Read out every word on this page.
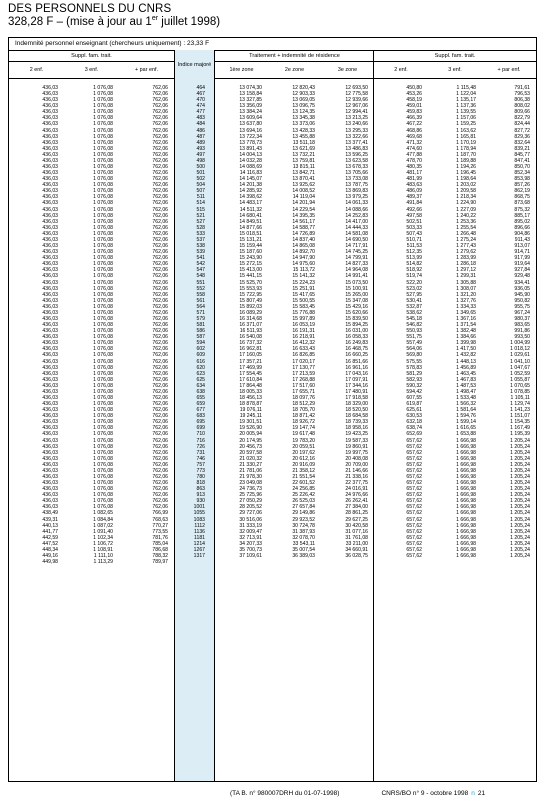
DES PERSONNELS DU CNRS
328,28 F – (mise à jour au 1er juillet 1998)
Indemnité personnel enseignant (chercheurs uniquement) : 23,33 F
Suppl. fam. trait.			Indice majoré	Traitement + indemnité de résidence			Suppl. fam. trait.		
2 enf.	3 enf.	+ par enf.		1ère zone	2e zone	3e zone	2 enf.	3 enf.	+ par enf.
436,03	1 076,08	762,06	464	13 074,30	12 820,43	12 693,50	450,80	1 115,48	791,61
436,03	1 076,08	762,06	467	13 158,84	12 903,33	12 775,58	453,26	1 122,04	796,53
436,03	1 076,08	762,06	470	13 327,85	13 069,05	12 939,66	458,19	1 135,17	806,38
436,03	1 076,08	762,06	474	13 356,09	13 096,75	12 967,06	459,01	1 137,36	808,02
436,03	1 076,08	762,06	477	13 384,24	13 124,35	12 994,41	459,83	1 139,55	809,66
436,03	1 076,08	762,06	483	13 609,64	13 345,38	13 213,25	466,39	1 157,06	822,79
436,03	1 076,08	762,06	484	13 637,80	13 373,06	13 240,66	467,22	1 159,25	824,44
436,03	1 076,08	762,06	486	13 694,16	13 428,33	13 295,33	468,86	1 163,62	827,72
436,03	1 076,08	762,06	487	13 722,34	13 455,88	13 322,66	469,68	1 165,81	829,36
436,03	1 076,08	762,06	489	13 778,73	13 511,18	13 377,41	471,32	1 170,19	832,64
436,03	1 076,08	762,06	493	13 891,43	13 621,69	13 486,83	474,60	1 178,94	839,21
436,03	1 076,08	762,06	497	14 004,13	13 732,21	13 596,25	477,88	1 187,70	845,77
436,03	1 076,08	762,06	498	14 032,28	13 759,81	13 623,58	478,70	1 189,88	847,41
436,03	1 076,08	762,06	500	14 088,69	13 815,11	13 678,33	480,35	1 194,26	850,70
436,03	1 076,08	762,06	501	14 116,83	13 842,71	13 705,66	481,17	1 196,45	852,34
436,03	1 076,08	762,06	502	14 145,07	13 870,41	13 733,08	481,99	1 198,64	853,98
436,03	1 076,08	762,06	504	14 201,38	13 925,62	13 787,75	483,63	1 203,02	857,26
436,03	1 076,08	762,06	507	14 285,92	14 008,52	13 869,83	486,09	1 209,58	862,19
436,03	1 076,08	762,06	511	14 398,62	14 119,04	13 979,25	489,37	1 218,34	868,75
436,03	1 076,08	762,06	514	14 483,17	14 201,94	14 061,33	491,84	1 224,90	873,68
436,03	1 076,08	762,06	515	14 511,32	14 229,54	14 088,66	492,66	1 227,09	875,32
436,03	1 076,08	762,06	521	14 680,41	14 395,35	14 252,83	497,58	1 240,22	885,17
436,03	1 076,08	762,06	527	14 849,51	14 561,17	14 417,00	502,51	1 253,36	895,02
436,03	1 076,08	762,06	528	14 877,66	14 588,77	14 444,33	503,33	1 255,54	896,66
436,03	1 076,08	762,06	533	15 018,51	14 726,89	14 581,08	507,43	1 266,48	904,86
436,03	1 076,08	762,06	537	15 131,21	14 837,40	14 690,50	510,71	1 275,24	911,43
436,03	1 076,08	762,06	538	15 159,44	14 865,08	14 717,91	511,53	1 277,43	913,07
436,03	1 076,08	762,06	539	15 187,60	14 892,70	14 745,25	512,35	1 279,62	914,71
436,03	1 076,08	762,06	541	15 243,90	14 947,90	14 799,91	513,99	1 283,99	917,99
436,03	1 076,08	762,06	542	15 272,15	14 975,60	14 827,33	514,82	1 286,18	919,64
436,03	1 076,08	762,06	547	15 413,00	15 113,72	14 964,08	518,92	1 297,12	927,84
436,03	1 076,08	762,06	548	15 441,15	15 141,32	14 991,41	519,74	1 299,31	929,48
436,03	1 076,08	762,06	551	15 525,70	15 224,23	15 073,50	522,20	1 305,88	934,41
436,03	1 076,08	762,06	552	15 553,93	15 251,91	15 100,91	523,02	1 308,07	936,05
436,03	1 076,08	762,06	558	15 722,95	15 417,65	15 265,00	527,95	1 321,20	945,90
436,03	1 076,08	762,06	561	15 807,49	15 500,55	15 347,08	530,41	1 327,76	950,82
436,03	1 076,08	762,06	564	15 892,03	15 583,45	15 429,16	532,87	1 334,33	955,75
436,03	1 076,08	762,06	571	16 089,29	15 776,88	15 620,66	538,62	1 349,65	967,24
436,03	1 076,08	762,06	579	16 314,68	15 997,89	15 839,50	545,18	1 367,16	980,37
436,03	1 076,08	762,06	581	16 371,07	16 053,19	15 894,25	546,82	1 371,54	983,65
436,03	1 076,08	762,06	586	16 511,93	16 191,31	16 031,00	550,93	1 382,48	991,86
436,03	1 076,08	762,06	587	16 540,08	16 218,91	16 058,33	551,75	1 384,66	993,50
436,03	1 076,08	762,06	594	16 737,32	16 412,32	16 249,83	557,49	1 399,98	1 004,99
436,03	1 076,08	762,06	602	16 962,81	16 633,43	16 468,75	564,06	1 417,50	1 018,12
436,03	1 076,08	762,06	609	17 160,05	16 826,85	16 660,25	569,80	1 432,82	1 029,61
436,03	1 076,08	762,06	616	17 357,21	17 020,17	16 851,66	575,55	1 448,13	1 041,10
436,03	1 076,08	762,06	620	17 469,99	17 130,77	16 961,16	578,83	1 456,89	1 047,67
436,03	1 076,08	762,06	623	17 554,45	17 213,59	17 043,16	581,29	1 463,45	1 052,59
436,03	1 076,08	762,06	625	17 610,84	17 268,88	17 097,91	582,93	1 467,83	1 055,87
436,03	1 076,08	762,06	634	17 864,48	17 517,60	17 344,16	590,32	1 487,53	1 070,65
436,03	1 076,08	762,06	638	18 005,33	17 655,71	17 480,91	594,42	1 498,47	1 078,85
436,03	1 076,08	762,06	655	18 456,13	18 097,76	17 918,58	607,55	1 533,48	1 105,11
436,03	1 076,08	762,06	659	18 878,87	18 512,29	18 329,00	619,87	1 566,32	1 129,74
436,03	1 076,08	762,06	677	19 076,11	18 705,70	18 520,50	625,61	1 581,64	1 141,23
436,03	1 076,08	762,06	683	19 245,11	18 871,42	18 684,58	630,53	1 594,76	1 151,07
436,03	1 076,08	762,06	695	19 301,51	18 926,72	18 739,33	632,18	1 599,14	1 154,35
436,03	1 076,08	762,06	699	19 526,90	19 147,74	18 958,16	638,74	1 616,65	1 167,49
436,03	1 076,08	762,06	710	20 005,94	19 617,48	19 423,25	652,69	1 653,88	1 195,39
436,03	1 076,08	762,06	716	20 174,95	19 783,20	19 587,33	657,62	1 666,98	1 205,24
436,03	1 076,08	762,06	726	20 456,73	20 059,51	19 860,91	657,62	1 666,98	1 205,24
436,03	1 076,08	762,06	731	20 597,58	20 197,62	19 997,75	657,62	1 666,98	1 205,24
436,03	1 076,08	762,06	746	21 020,32	20 612,16	20 408,08	657,62	1 666,98	1 205,24
436,03	1 076,08	762,06	757	21 330,27	20 916,09	20 709,00	657,62	1 666,98	1 205,24
436,03	1 076,08	762,06	773	21 781,06	21 358,12	21 146,66	657,62	1 666,98	1 205,24
436,03	1 076,08	762,06	780	21 978,30	21 551,54	21 338,16	657,62	1 666,98	1 205,24
436,03	1 076,08	762,06	818	23 049,08	22 601,52	22 377,75	657,62	1 666,98	1 205,24
436,03	1 076,08	762,06	863	24 736,73	24 256,85	24 016,91	657,62	1 666,98	1 205,24
436,03	1 076,08	762,06	913	25 725,96	25 226,42	24 976,66	657,62	1 666,98	1 205,24
436,03	1 076,08	762,06	930	27 050,29	26 525,03	26 262,41	657,62	1 666,98	1 205,24
436,03	1 076,08	762,06	1001	28 205,52	27 657,84	27 384,00	657,62	1 666,98	1 205,24
438,49	1 082,65	766,99	1055	29 727,06	29 149,86	28 861,25	657,62	1 666,98	1 205,24
439,31	1 084,84	768,63	1083	30 516,06	29 923,52	29 627,25	657,62	1 666,98	1 205,24
440,13	1 087,02	770,27	1112	31 333,19	30 724,78	30 420,58	657,62	1 666,98	1 205,24
441,77	1 091,40	773,55	1136	32 009,47	31 387,93	31 077,16	657,62	1 666,98	1 205,24
442,59	1 102,34	781,76	1181	32 713,91	32 078,70	31 761,08	657,62	1 666,98	1 205,24
447,52	1 106,72	785,04	1214	34 207,33	33 543,11	33 211,00	657,62	1 666,98	1 205,24
448,34	1 108,91	786,68	1267	35 700,73	35 007,54	34 660,91	657,62	1 666,98	1 205,24
449,16	1 111,10	788,32	1317	37 109,61	36 389,03	36 028,75	657,62	1 666,98	1 205,24
449,98	1 113,29	789,97							
(TA B. n° 980007DRH du 01-07-1998)	CNRS/BO n° 9 - octobre 1998 n 21
